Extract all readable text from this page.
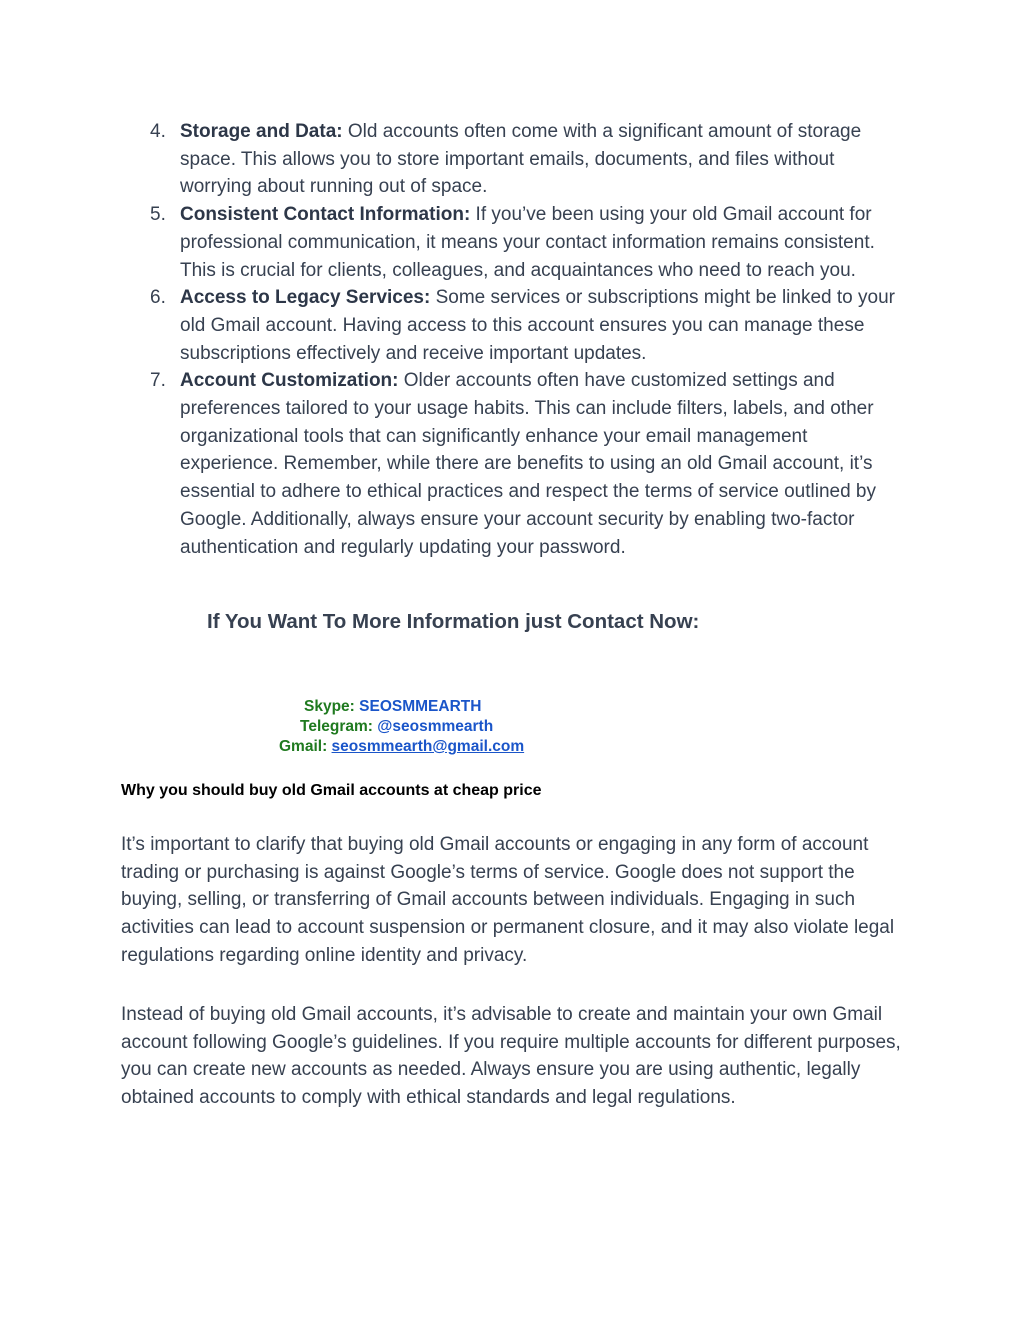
4. Storage and Data: Old accounts often come with a significant amount of storage space. This allows you to store important emails, documents, and files without worrying about running out of space.
5. Consistent Contact Information: If you’ve been using your old Gmail account for professional communication, it means your contact information remains consistent. This is crucial for clients, colleagues, and acquaintances who need to reach you.
6. Access to Legacy Services: Some services or subscriptions might be linked to your old Gmail account. Having access to this account ensures you can manage these subscriptions effectively and receive important updates.
7. Account Customization: Older accounts often have customized settings and preferences tailored to your usage habits. This can include filters, labels, and other organizational tools that can significantly enhance your email management experience. Remember, while there are benefits to using an old Gmail account, it’s essential to adhere to ethical practices and respect the terms of service outlined by Google. Additionally, always ensure your account security by enabling two-factor authentication and regularly updating your password.
If You Want To More Information just Contact Now:
Skype: SEOSMMEARTH
Telegram: @seosmmearth
Gmail: seosmmearth@gmail.com
Why you should buy old Gmail accounts at cheap price

It’s important to clarify that buying old Gmail accounts or engaging in any form of account trading or purchasing is against Google’s terms of service. Google does not support the buying, selling, or transferring of Gmail accounts between individuals. Engaging in such activities can lead to account suspension or permanent closure, and it may also violate legal regulations regarding online identity and privacy.

Instead of buying old Gmail accounts, it’s advisable to create and maintain your own Gmail account following Google’s guidelines. If you require multiple accounts for different purposes, you can create new accounts as needed. Always ensure you are using authentic, legally obtained accounts to comply with ethical standards and legal regulations.
